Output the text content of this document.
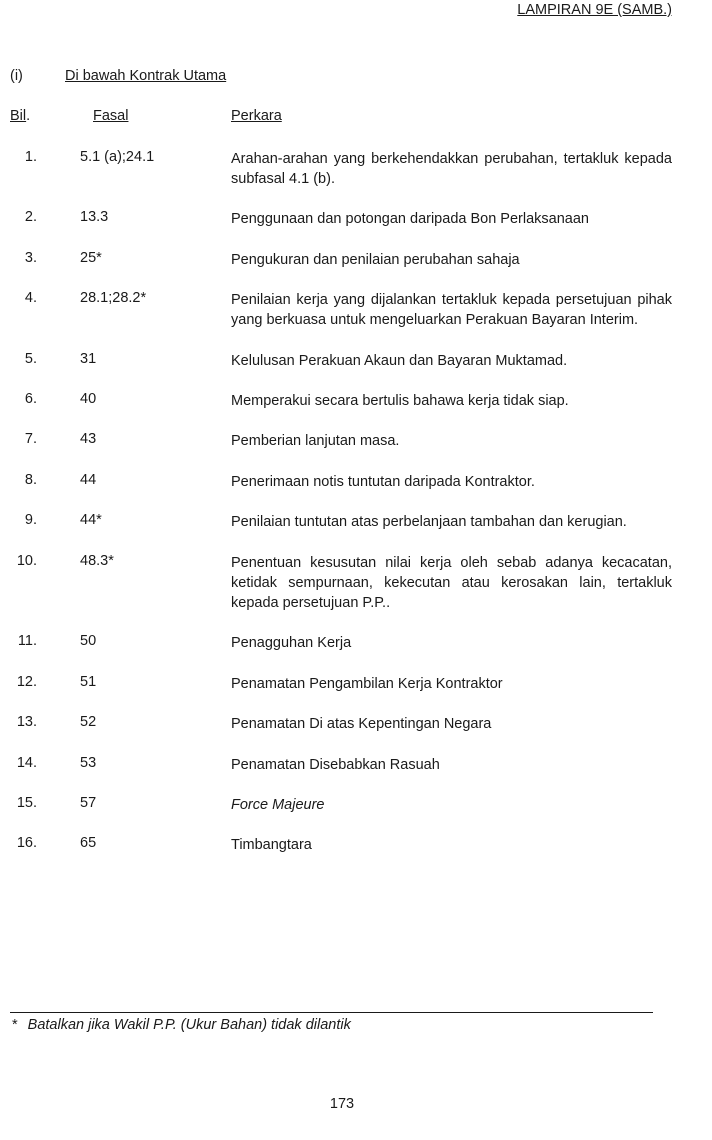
LAMPIRAN 9E (SAMB.)
(i)	Di bawah Kontrak Utama
Bil.	Fasal	Perkara
1.	5.1 (a);24.1	Arahan-arahan yang berkehendakkan perubahan, tertakluk kepada subfasal 4.1 (b).
2.	13.3	Penggunaan dan potongan daripada Bon Perlaksanaan
3.	25*	Pengukuran dan penilaian perubahan sahaja
4.	28.1;28.2*	Penilaian kerja yang dijalankan tertakluk kepada persetujuan pihak yang berkuasa untuk mengeluarkan Perakuan Bayaran Interim.
5.	31	Kelulusan Perakuan Akaun dan Bayaran Muktamad.
6.	40	Memperakui secara bertulis bahawa kerja tidak siap.
7.	43	Pemberian lanjutan masa.
8.	44	Penerimaan notis tuntutan daripada Kontraktor.
9.	44*	Penilaian tuntutan atas perbelanjaan tambahan dan kerugian.
10.	48.3*	Penentuan kesusutan nilai kerja oleh sebab adanya kecacatan, ketidak sempurnaan, kekecutan atau kerosakan lain, tertakluk kepada persetujuan P.P..
11.	50	Penagguhan Kerja
12.	51	Penamatan Pengambilan Kerja Kontraktor
13.	52	Penamatan Di atas Kepentingan Negara
14.	53	Penamatan Disebabkan Rasuah
15.	57	Force Majeure
16.	65	Timbangtara
* Batalkan jika Wakil P.P. (Ukur Bahan) tidak dilantik
173
